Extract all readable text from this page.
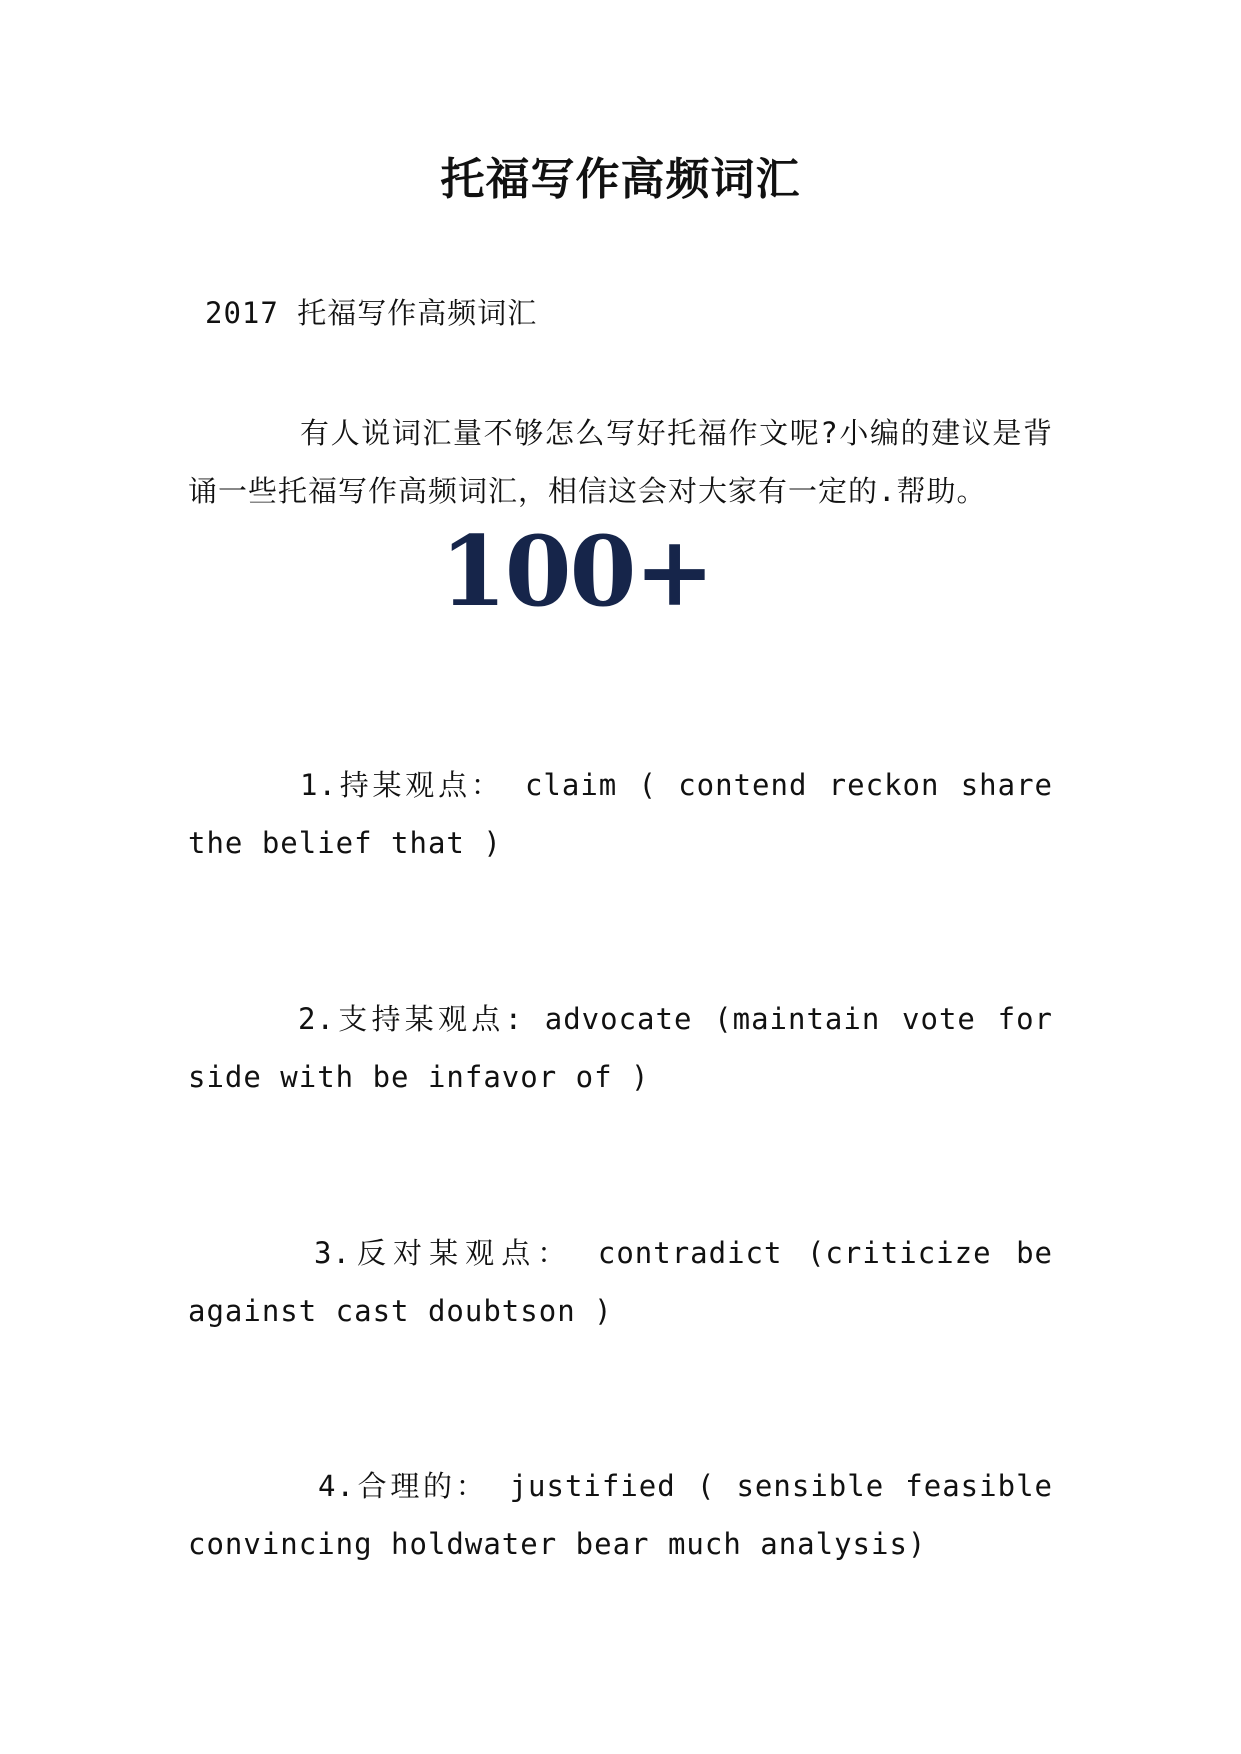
托福写作高频词汇
2017 托福写作高频词汇
有人说词汇量不够怎么写好托福作文呢?小编的建议是背诵一些托福写作高频词汇，相信这会对大家有一定的.帮助。
100+
1.持某观点： claim ( contend reckon share the belief that )
2.支持某观点: advocate (maintain vote for side with be infavor of )
3.反对某观点： contradict (criticize be against cast doubtson )
4.合理的： justified ( sensible feasible convincing holdwater bear much analysis)
